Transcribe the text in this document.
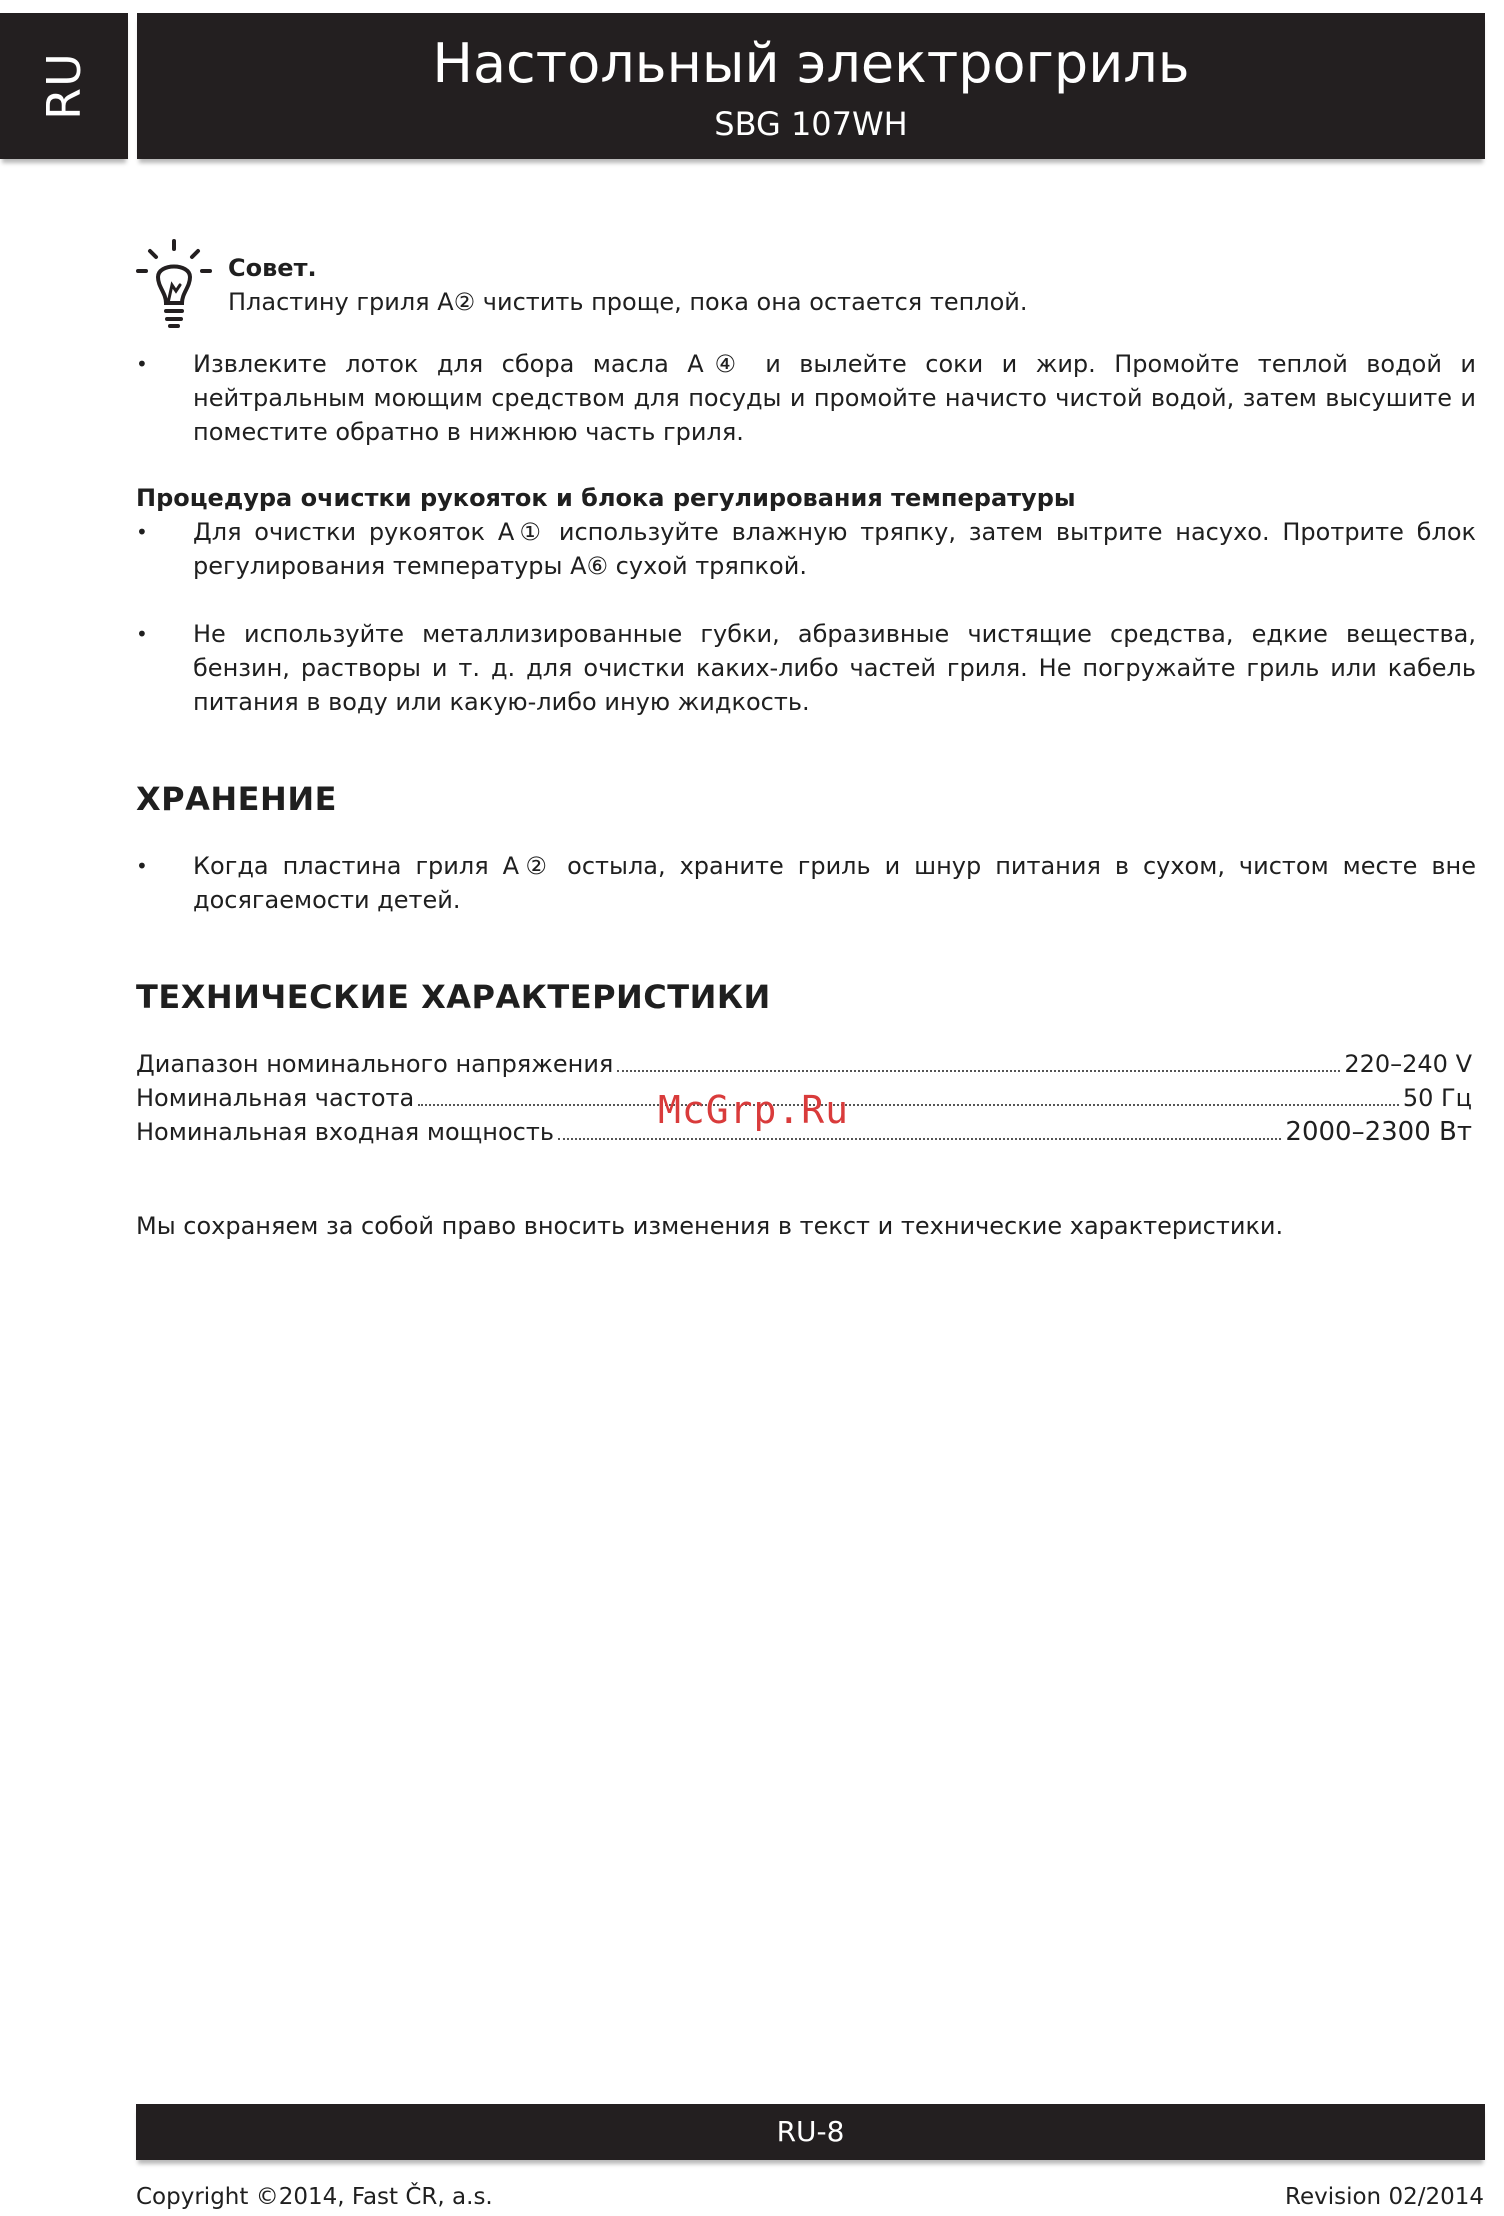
RU	Настольный электрогриль
SBG 107WH
Совет.
Пластину гриля A② чистить проще, пока она остается теплой.
• Извлеките лоток для сбора масла A④ и вылейте соки и жир. Промойте теплой водой и нейтральным моющим средством для посуды и промойте начисто чистой водой, затем высушите и поместите обратно в нижнюю часть гриля.
Процедура очистки рукояток и блока регулирования температуры
• Для очистки рукояток A① используйте влажную тряпку, затем вытрите насухо. Протрите блок регулирования температуры A⑥ сухой тряпкой.
• Не используйте металлизированные губки, абразивные чистящие средства, едкие вещества, бензин, растворы и т. д. для очистки каких-либо частей гриля. Не погружайте гриль или кабель питания в воду или какую-либо иную жидкость.
ХРАНЕНИЕ
• Когда пластина гриля A② остыла, храните гриль и шнур питания в сухом, чистом месте вне досягаемости детей.
ТЕХНИЧЕСКИЕ ХАРАКТЕРИСТИКИ
Диапазон номинального напряжения	220–240 V
Номинальная частота	50 Гц
Номинальная входная мощность	2000–2300 Вт
Мы сохраняем за собой право вносить изменения в текст и технические характеристики.
McGrp.Ru
RU-8
Copyright ©2014, Fast ČR, a.s.	Revision 02/2014
